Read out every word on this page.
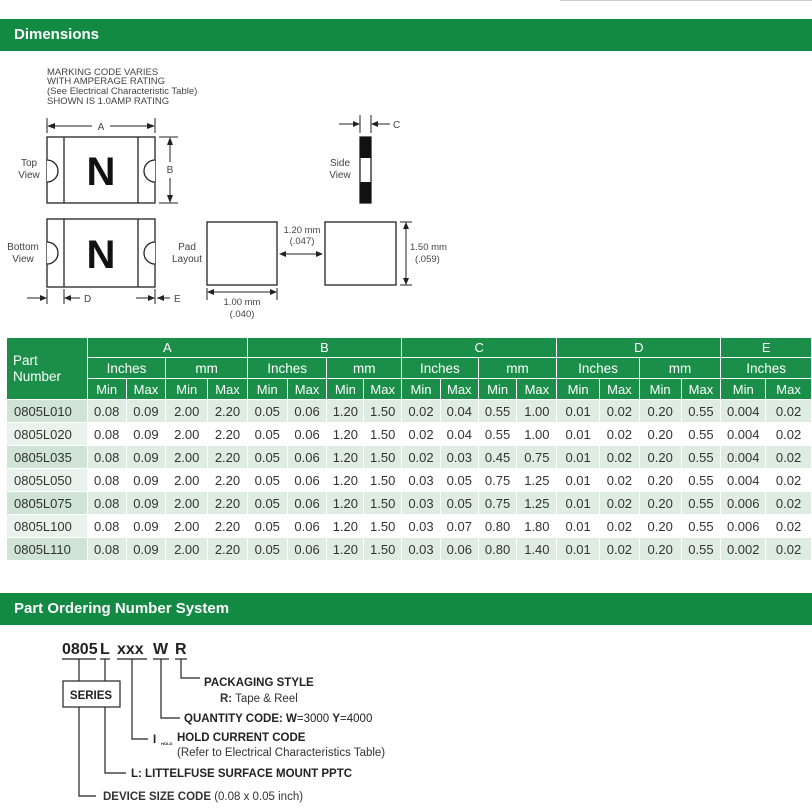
Dimensions
MARKING CODE VARIES
WITH AMPERAGE RATING
(See Electrical Characteristic Table)
SHOWN IS 1.0AMP RATING
A
N
Top
View	B
N
Bottom
View
D	E
C
Side
View
Pad
Layout
1.20 mm
(.047)
1.50 mm
(.059)
1.00 mm
(.040)
Part
Number	A				B				C				D				E	
	Inches		mm		Inches		mm		Inches		mm		Inches		mm		Inches	
	Min	Max	Min	Max	Min	Max	Min	Max	Min	Max	Min	Max	Min	Max	Min	Max	Min	Max
0805L010	0.08	0.09	2.00	2.20	0.05	0.06	1.20	1.50	0.02	0.04	0.55	1.00	0.01	0.02	0.20	0.55	0.004	0.02
0805L020	0.08	0.09	2.00	2.20	0.05	0.06	1.20	1.50	0.02	0.04	0.55	1.00	0.01	0.02	0.20	0.55	0.004	0.02
0805L035	0.08	0.09	2.00	2.20	0.05	0.06	1.20	1.50	0.02	0.03	0.45	0.75	0.01	0.02	0.20	0.55	0.004	0.02
0805L050	0.08	0.09	2.00	2.20	0.05	0.06	1.20	1.50	0.03	0.05	0.75	1.25	0.01	0.02	0.20	0.55	0.004	0.02
0805L075	0.08	0.09	2.00	2.20	0.05	0.06	1.20	1.50	0.03	0.05	0.75	1.25	0.01	0.02	0.20	0.55	0.006	0.02
0805L100	0.08	0.09	2.00	2.20	0.05	0.06	1.20	1.50	0.03	0.07	0.80	1.80	0.01	0.02	0.20	0.55	0.006	0.02
0805L110	0.08	0.09	2.00	2.20	0.05	0.06	1.20	1.50	0.03	0.06	0.80	1.40	0.01	0.02	0.20	0.55	0.002	0.02
Part Ordering Number System
0805 L xxx W R
SERIES
PACKAGING STYLE
R: Tape & Reel
QUANTITY CODE: W=3000 Y=4000
I HOLD HOLD CURRENT CODE
(Refer to Electrical Characteristics Table)
L: LITTELFUSE SURFACE MOUNT PPTC
DEVICE SIZE CODE (0.08 x 0.05 inch)
